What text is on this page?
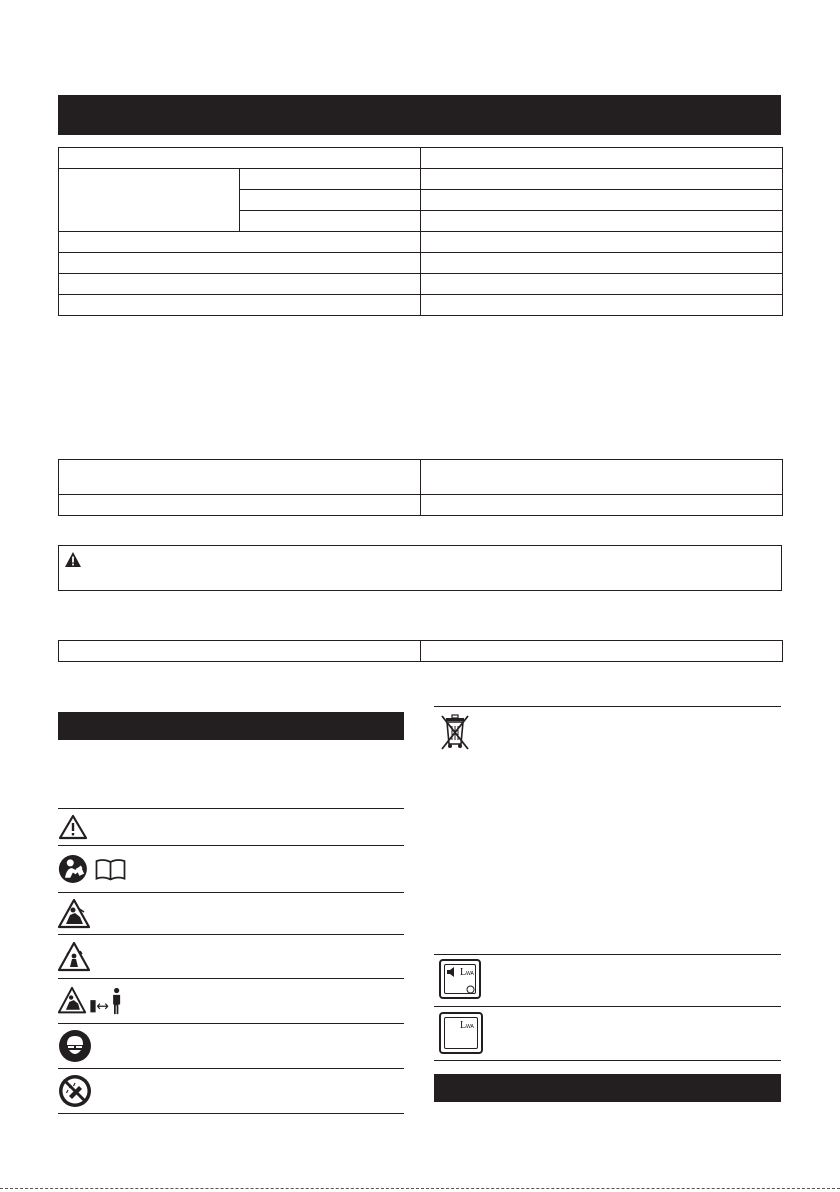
L WA
L WA
